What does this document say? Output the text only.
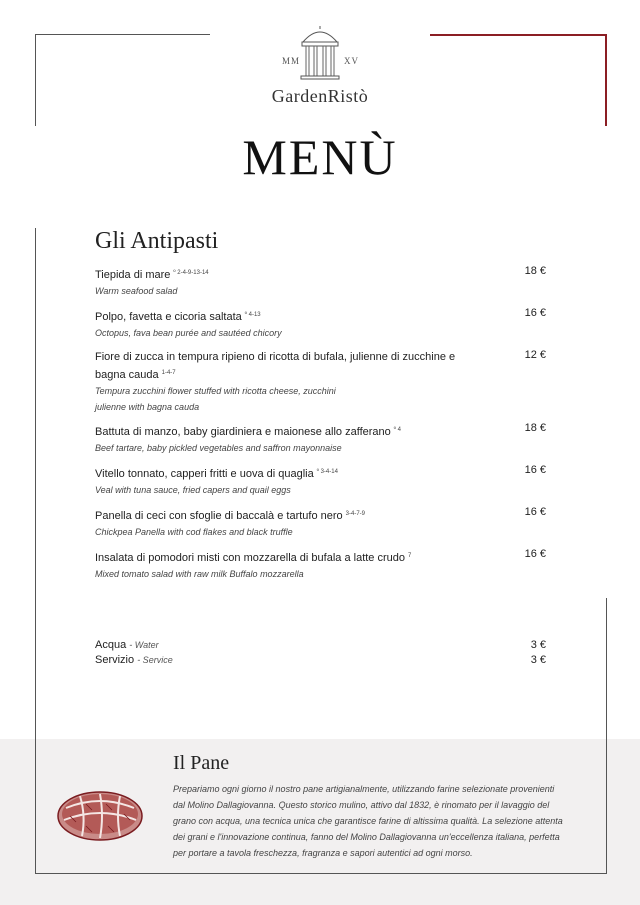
MM	XV
GardenRistò
MENÙ
Gli Antipasti
Tiepida di mare $^{º 2-4-9-13-14}$
Warm seafood salad
18 €
Polpo, favetta e cicoria saltata $^{º 4-13}$
Octopus, fava bean purée and sautéed chicory
16 €
Fiore di zucca in tempura ripieno di ricotta di bufala, julienne di zucchine e bagna cauda $^{1-4-7}$
Tempura zucchini flower stuffed with ricotta cheese, zucchini julienne with bagna cauda
12 €
Battuta di manzo, baby giardiniera e maionese allo zafferano $^{º 4}$
Beef tartare, baby pickled vegetables and saffron mayonnaise
18 €
Vitello tonnato, capperi fritti e uova di quaglia $^{º 3-4-14}$
Veal with tuna sauce, fried capers and quail eggs
16 €
Panella di ceci con sfoglie di baccalà e tartufo nero $^{3-4-7-9}$
Chickpea Panella with cod flakes and black truffle
16 €
Insalata di pomodori misti con mozzarella di bufala a latte crudo $^7$
Mixed tomato salad with raw milk Buffalo mozzarella
16 €
Acqua - Water	3 €
Servizio - Service	3 €
Il Pane
Prepariamo ogni giorno il nostro pane artigianalmente, utilizzando farine selezionate provenienti dal Molino Dallagiovanna. Questo storico mulino, attivo dal 1832, è rinomato per il lavaggio del grano con acqua, una tecnica unica che garantisce farine di altissima qualità. La selezione attenta dei grani e l'innovazione continua, fanno del Molino Dallagiovanna un'eccellenza italiana, perfetta per portare a tavola freschezza, fragranza e sapori autentici ad ogni morso.
